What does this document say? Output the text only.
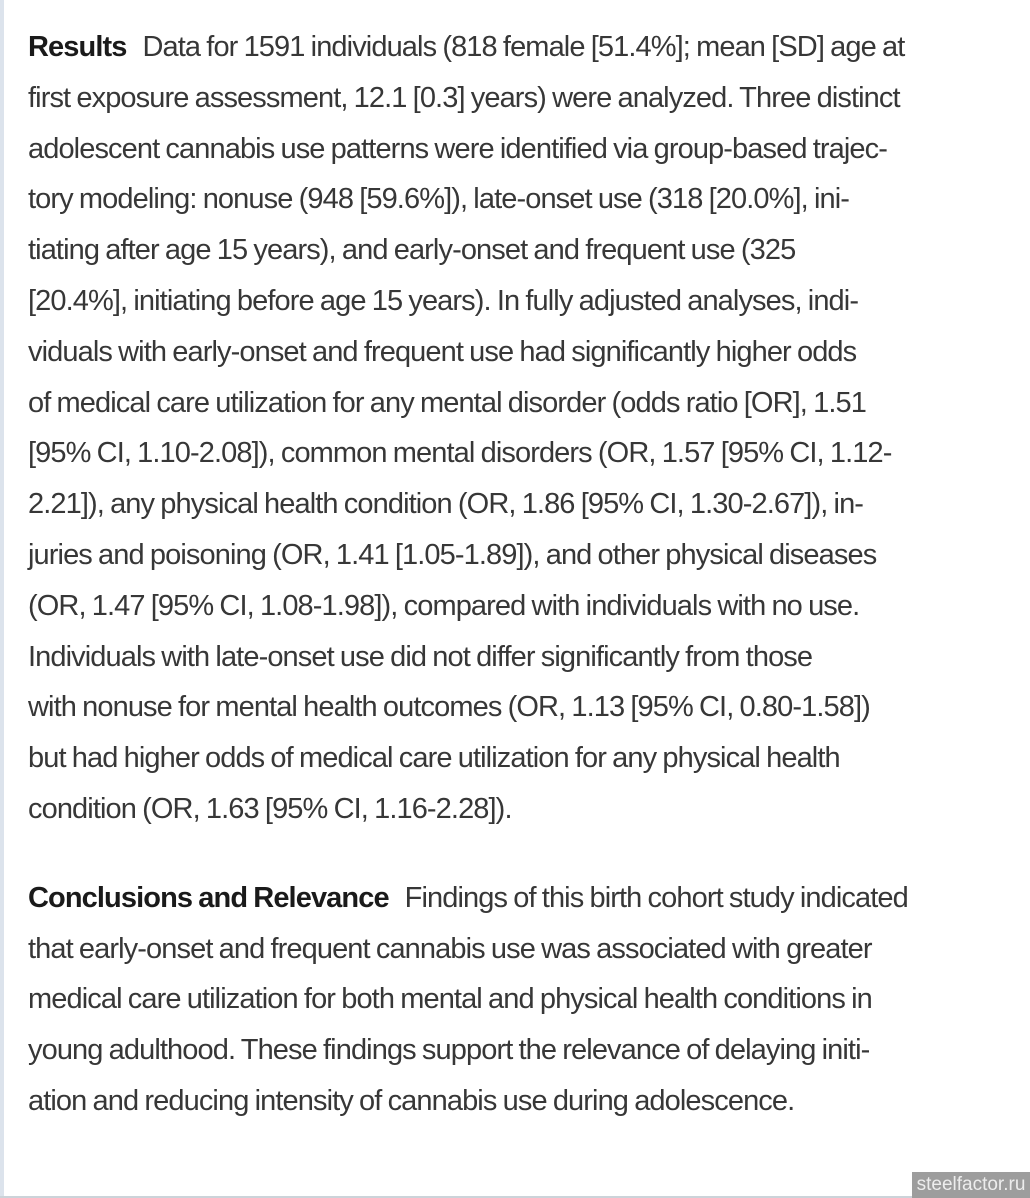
Results Data for 1591 individuals (818 female [51.4%]; mean [SD] age at
first exposure assessment, 12.1 [0.3] years) were analyzed. Three distinct
adolescent cannabis use patterns were identified via group-based trajec-
tory modeling: nonuse (948 [59.6%]), late-onset use (318 [20.0%], ini-
tiating after age 15 years), and early-onset and frequent use (325
[20.4%], initiating before age 15 years). In fully adjusted analyses, indi-
viduals with early-onset and frequent use had significantly higher odds
of medical care utilization for any mental disorder (odds ratio [OR], 1.51
[95% CI, 1.10-2.08]), common mental disorders (OR, 1.57 [95% CI, 1.12-
2.21]), any physical health condition (OR, 1.86 [95% CI, 1.30-2.67]), in-
juries and poisoning (OR, 1.41 [1.05-1.89]), and other physical diseases
(OR, 1.47 [95% CI, 1.08-1.98]), compared with individuals with no use.
Individuals with late-onset use did not differ significantly from those
with nonuse for mental health outcomes (OR, 1.13 [95% CI, 0.80-1.58])
but had higher odds of medical care utilization for any physical health
condition (OR, 1.63 [95% CI, 1.16-2.28]).
Conclusions and Relevance Findings of this birth cohort study indicated
that early-onset and frequent cannabis use was associated with greater
medical care utilization for both mental and physical health conditions in
young adulthood. These findings support the relevance of delaying initi-
ation and reducing intensity of cannabis use during adolescence.
steelfactor.ru
